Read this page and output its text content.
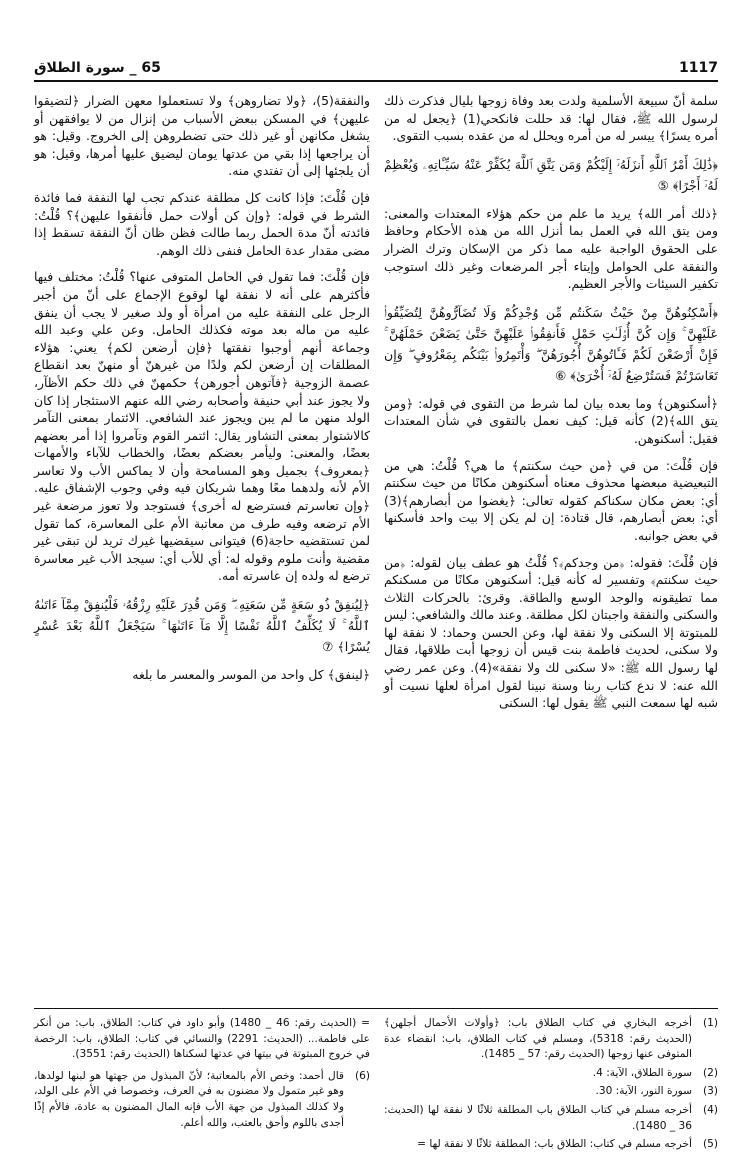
1117
65 _ سورة الطلاق

سلمة أنّ سبيعة الأسلمية ولدت بعد وفاة زوجها بليال فذكرت ذلك لرسول الله ﷺ، فقال لها: قد حللت فانكحي(1) ﴿يجعل له من أمره يسرًا﴾ ييسر له من أمره ويحلل له من عقده بسبب التقوى.

﴿ذَٰلِكَ أَمْرُ ٱللَّهِ أَنزَلَهُۥٓ إِلَيْكُمْ وَمَن يَتَّقِ ٱللَّهَ يُكَفِّرْ عَنْهُ سَيِّـَٔاتِهِۦ وَيُعْظِمْ لَهُۥٓ أَجْرًا﴾ ⑤

﴿ذلك أمر الله﴾ يريد ما علم من حكم هؤلاء المعتدات والمعنى: ومن يتق الله في العمل بما أنزل الله من هذه الأحكام وحافظ على الحقوق الواجبة عليه مما ذكر من الإسكان وترك الضرار والنفقة على الحوامل وإيتاء أجر المرضعات وغير ذلك استوجب تكفير السيئات والأجر العظيم.

﴿أَسْكِنُوهُنَّ مِنْ حَيْثُ سَكَنتُم مِّن وُجْدِكُمْ وَلَا تُضَآرُّوهُنَّ لِتُضَيِّقُوا۟ عَلَيْهِنَّ ۚ وَإِن كُنَّ أُو۟لَـٰتِ حَمْلٍ فَأَنفِقُوا۟ عَلَيْهِنَّ حَتَّىٰ يَضَعْنَ حَمْلَهُنَّ ۚ فَإِنْ أَرْضَعْنَ لَكُمْ فَـَٔاتُوهُنَّ أُجُورَهُنَّ ۖ وَأْتَمِرُوا۟ بَيْنَكُم بِمَعْرُوفٍ ۖ وَإِن تَعَاسَرْتُمْ فَسَتُرْضِعُ لَهُۥٓ أُخْرَىٰ﴾ ⑥

﴿أسكنوهن﴾ وما بعده بيان لما شرط من التقوى في قوله: ﴿ومن يتق الله﴾(2) كأنه قيل: كيف نعمل بالتقوى في شأن المعتدات فقيل: أسكنوهن.

فإن قُلْتَ: من في ﴿من حيث سكنتم﴾ ما هي؟ قُلْتُ: هي من التبعيضية مبعضها محذوف معناه أسكنوهن مكانًا من حيث سكنتم أي: بعض مكان سكناكم كقوله تعالى: ﴿يغضوا من أبصارهم﴾(3) أي: بعض أبصارهم، قال قتادة: إن لم يكن إلا بيت واحد فأسكنها في بعض جوانبه.

فإن قُلْتَ: فقوله: ﴿من وجدكم﴾؟ قُلْتُ هو عطف بيان لقوله: ﴿من حيث سكنتم﴾ وتفسير له كأنه قيل: أسكنوهن مكانًا من مسكنكم مما تطيقونه والوجد الوسع والطاقة. وقرئ: بالحركات الثلاث والسكنى والنفقة واجبتان لكل مطلقة. وعند مالك والشافعي: ليس للمبتوتة إلا السكنى ولا نفقة لها، وعن الحسن وحماد: لا نفقة لها ولا سكنى، لحديث فاطمة بنت قيس أن زوجها أبت طلاقها، فقال لها رسول الله ﷺ: «لا سكنى لك ولا نفقة»(4). وعن عمر رضي الله عنه: لا ندع كتاب ربنا وسنة نبينا لقول امرأة لعلها نسيت أو شبه لها سمعت النبي ﷺ يقول لها: السكنى

والنفقة(5)، ﴿ولا تضاروهن﴾ ولا تستعملوا معهن الضرار ﴿لتضيقوا عليهن﴾ في المسكن ببعض الأسباب من إنزال من لا يوافقهن أو يشغل مكانهن أو غير ذلك حتى تضطروهن إلى الخروج. وقيل: هو أن يراجعها إذا بقي من عدتها يومان ليضيق عليها أمرها، وقيل: هو أن يلجئها إلى أن تفتدي منه.

فإن قُلْتَ: فإذا كانت كل مطلقة عندكم تجب لها النفقة فما فائدة الشرط في قوله: ﴿وإن كن أولات حمل فأنفقوا عليهن﴾؟ قُلْتُ: فائدته أنّ مدة الحمل ربما طالت فظن ظان أنّ النفقة تسقط إذا مضى مقدار عدة الحامل فنفى ذلك الوهم.

فإن قُلْتَ: فما تقول في الحامل المتوفى عنها؟ قُلْتُ: مختلف فيها فأكثرهم على أنه لا نفقة لها لوقوع الإجماع على أنّ من أجبر الرجل على النفقة عليه من امرأة أو ولد صغير لا يجب أن ينفق عليه من ماله بعد موته فكذلك الحامل. وعن علي وعبد الله وجماعة أنهم أوجبوا نفقتها ﴿فإن أرضعن لكم﴾ يعني: هؤلاء المطلقات إن أرضعن لكم ولدًا من غيرهنّ أو منهنّ بعد انقطاع عصمة الزوجية ﴿فآتوهن أجورهن﴾ حكمهنّ في ذلك حكم الأظآر، ولا يجوز عند أبي حنيفة وأصحابه رضي الله عنهم الاستئجار إذا كان الولد منهن ما لم يبن ويجوز عند الشافعي. الائتمار بمعنى التآمر كالاشتوار بمعنى التشاور يقال: ائتمر القوم وتآمروا إذا أمر بعضهم بعضًا، والمعنى: وليأمر بعضكم بعضًا، والخطاب للآباء والأمهات ﴿بمعروف﴾ بجميل وهو المسامحة وأن لا يماكس الأب ولا تعاسر الأم لأنه ولدهما معًا وهما شريكان فيه وفي وجوب الإشفاق عليه. ﴿وإن تعاسرتم فسترضع له أخرى﴾ فستوجد ولا تعوز مرضعة غير الأم ترضعه وفيه طرف من معاتبة الأم على المعاسرة، كما تقول لمن تستقضيه حاجة(6) فيتوانى سيقضيها غيرك تريد لن تبقى غير مقضية وأنت ملوم وقوله له: أي للأب أي: سيجد الأب غير معاسرة ترضع له ولده إن عاسرته أمه.

﴿لِيُنفِقْ ذُو سَعَةٍ مِّن سَعَتِهِۦ ۖ وَمَن قُدِرَ عَلَيْهِ رِزْقُهُۥ فَلْيُنفِقْ مِمَّآ ءَاتَىٰهُ ٱللَّهُ ۚ لَا يُكَلِّفُ ٱللَّهُ نَفْسًا إِلَّا مَآ ءَاتَىٰهَا ۚ سَيَجْعَلُ ٱللَّهُ بَعْدَ عُسْرٍ يُسْرًا﴾ ⑦

﴿لينفق﴾ كل واحد من الموسر والمعسر ما بلغه

(1)
أخرجه البخاري في كتاب الطلاق باب: ﴿وأولات الأحمال أجلهن﴾ (الحديث رقم: 5318)، ومسلم في كتاب الطلاق، باب: انقضاء عدة المتوفى عنها زوجها (الحديث رقم: 57 _ 1485).
(2)
سورة الطلاق، الآية: 4.
(3)
سورة النور، الآية: 30.
(4)
أخرجه مسلم في كتاب الطلاق باب المطلقة ثلاثًا لا نفقة لها (الحديث: 36 _ 1480).
(5)
أخرجه مسلم في كتاب: الطلاق باب: المطلقة ثلاثًا لا نفقة لها =
= (الحديث رقم: 46 _ 1480) وأبو داود في كتاب: الطلاق، باب: من أنكر على فاطمة... (الحديث: 2291) والنسائي في كتاب: الطلاق، باب: الرخصة في خروج المبتوتة في بيتها في عدتها لسكناها (الحديث رقم: 3551).
(6)
قال أحمد: وخص الأم بالمعاتبة؛ لأنّ المبذول من جهتها هو لبنها لولدها، وهو غير متمول ولا مضنون به في العرف، وخصوصا في الأم على الولد، ولا كذلك المبذول من جهة الأب فإنه المال المضنون به عادة، فالأم إذًا أجدى باللوم وأحق بالعتب، والله أعلم.
